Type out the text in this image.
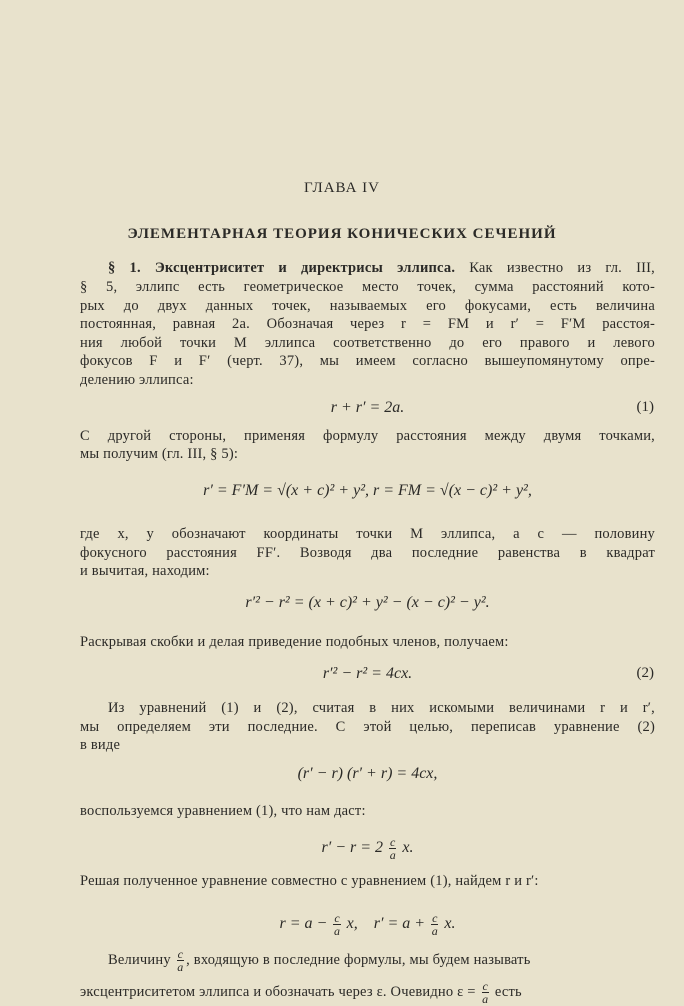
ГЛАВА IV
ЭЛЕМЕНТАРНАЯ ТЕОРИЯ КОНИЧЕСКИХ СЕЧЕНИЙ
§ 1. Эксцентриситет и директрисы эллипса. Как известно из гл. III,
§ 5, эллипс есть геометрическое место точек, сумма расстояний кото-
рых до двух данных точек, называемых его фокусами, есть величина
постоянная, равная 2a. Обозначая через r = FM и r′ = F′M расстоя-
ния любой точки M эллипса соответственно до его правого и левого
фокусов F и F′ (черт. 37), мы имеем согласно вышеупомянутому опре-
делению эллипса:
r + r′ = 2a.	(1)
С другой стороны, применяя формулу расстояния между двумя точками,
мы получим (гл. III, § 5):
r′ = F′M = √(x + c)² + y², r = FM = √(x − c)² + y²,
где x, y обозначают координаты точки M эллипса, а c — половину
фокусного расстояния FF′. Возводя два последние равенства в квадрат
и вычитая, находим:
r′² − r² = (x + c)² + y² − (x − c)² − y².
Раскрывая скобки и делая приведение подобных членов, получаем:
r′² − r² = 4cx.	(2)
Из уравнений (1) и (2), считая в них искомыми величинами r и r′,
мы определяем эти последние. С этой целью, переписав уравнение (2)
в виде
(r′ − r) (r′ + r) = 4cx,
воспользуемся уравнением (1), что нам даст:
$r' - r = 2 \frac{c}{a} x$.
Решая полученное уравнение совместно с уравнением (1), найдем r и r′:
$r = a - \frac{c}{a} x$, $r' = a + \frac{c}{a} x$.
Величину $\frac{c}{a}$ , входящую в последние формулы, мы будем называть
эксцентриситетом эллипса и обозначать через ε. Очевидно $\varepsilon = \frac{c}{a}$ есть
